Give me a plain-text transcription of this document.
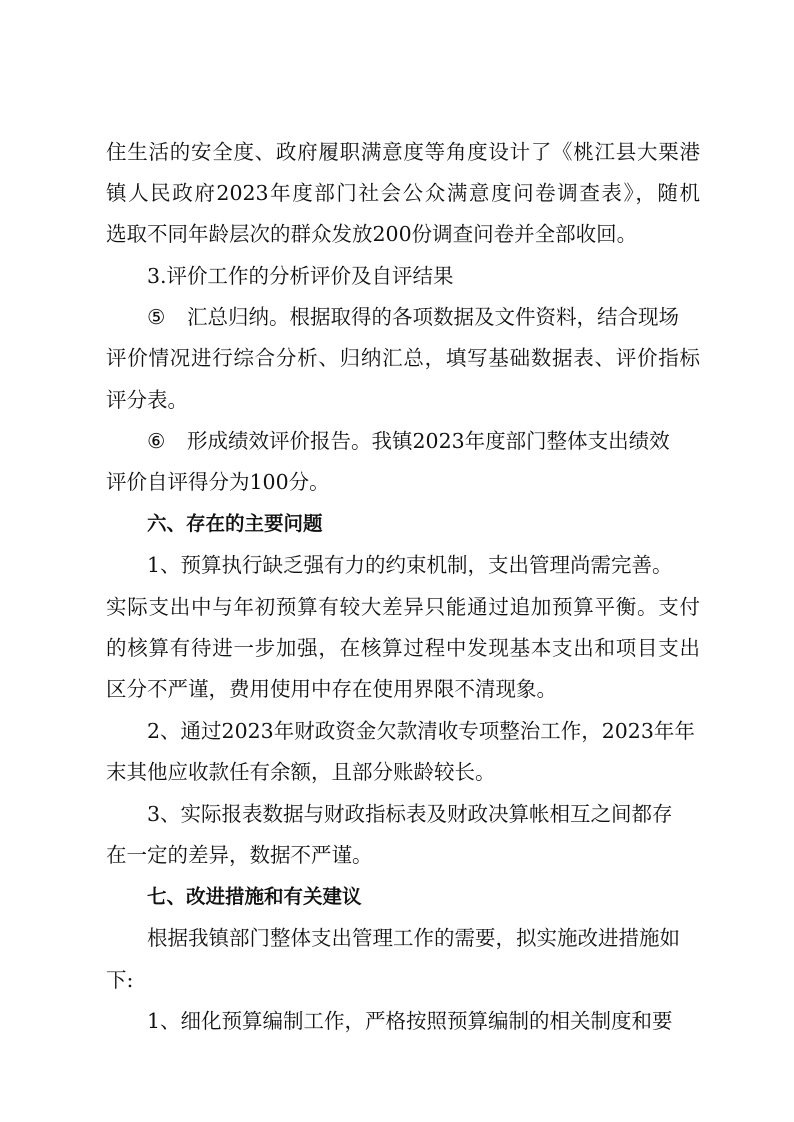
住生活的安全度、政府履职满意度等角度设计了《桃江县大栗港
镇人民政府2023年度部门社会公众满意度问卷调查表》，随机
选取不同年龄层次的群众发放200份调查问卷并全部收回。
3.评价工作的分析评价及自评结果
⑤ 汇总归纳。根据取得的各项数据及文件资料，结合现场
评价情况进行综合分析、归纳汇总，填写基础数据表、评价指标
评分表。
⑥ 形成绩效评价报告。我镇2023年度部门整体支出绩效
评价自评得分为100分。
六、存在的主要问题
1、预算执行缺乏强有力的约束机制，支出管理尚需完善。
实际支出中与年初预算有较大差异只能通过追加预算平衡。支付
的核算有待进一步加强，在核算过程中发现基本支出和项目支出
区分不严谨，费用使用中存在使用界限不清现象。
2、通过2023年财政资金欠款清收专项整治工作，2023年年
末其他应收款任有余额，且部分账龄较长。
3、实际报表数据与财政指标表及财政决算帐相互之间都存
在一定的差异，数据不严谨。
七、改进措施和有关建议
根据我镇部门整体支出管理工作的需要，拟实施改进措施如
下:
1、细化预算编制工作，严格按照预算编制的相关制度和要
